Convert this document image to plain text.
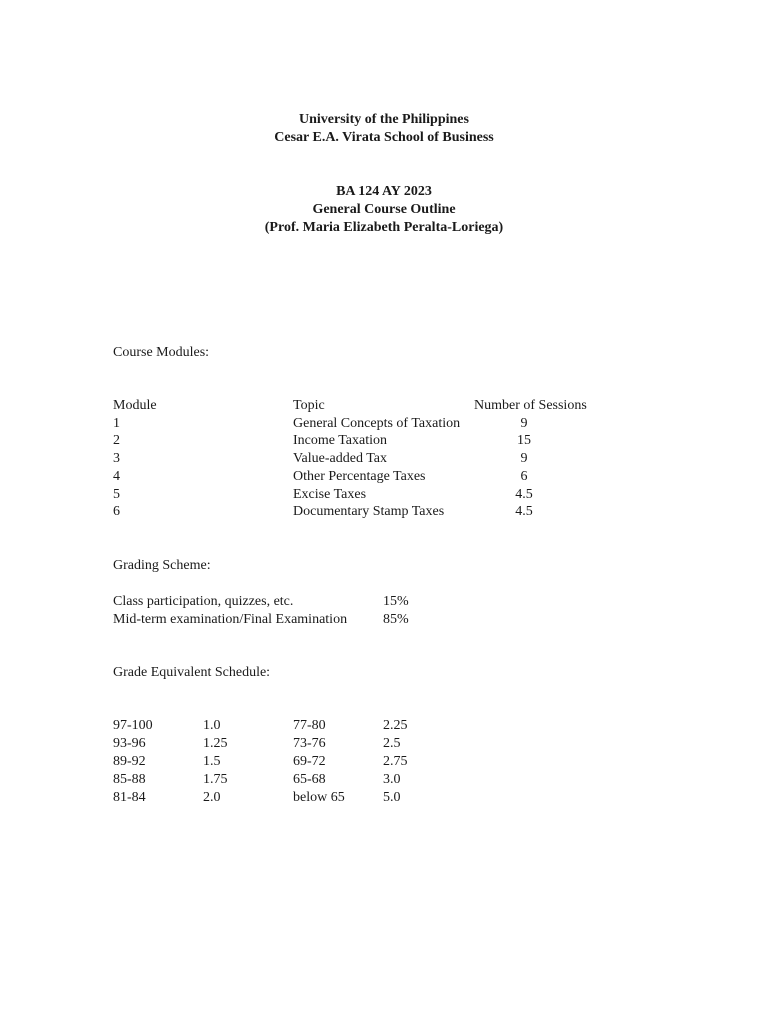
University of the Philippines
Cesar E.A. Virata School of Business
BA 124 AY 2023
General Course Outline
(Prof. Maria Elizabeth Peralta-Loriega)
Course Modules:
Module	Topic	Number of Sessions
1	General Concepts of Taxation	9
2	Income Taxation	15
3	Value-added Tax	9
4	Other Percentage Taxes	6
5	Excise Taxes	4.5
6	Documentary Stamp Taxes	4.5
Grading Scheme:
Class participation, quizzes, etc.	15%
Mid-term examination/Final Examination	85%
Grade Equivalent Schedule:
97-100	1.0	77-80	2.25
93-96	1.25	73-76	2.5
89-92	1.5	69-72	2.75
85-88	1.75	65-68	3.0
81-84	2.0	below 65	5.0
